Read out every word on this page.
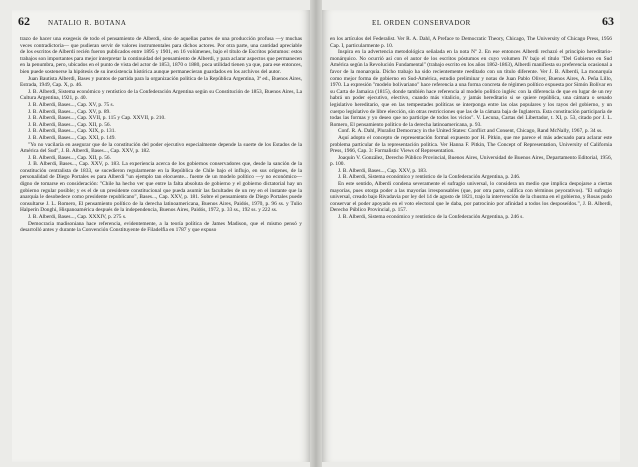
62	NATALIO R. BOTANA

trazo de hacer una exegesis de todo el pensamiento de Alberdi, sino de aquellas partes de una producción profusa —y muchas veces contradictoria— que pudieran servir de valores instrumentales para dichos actores. Por otra parte, una cantidad apreciable de los escritos de Alberdi recién fueron publicados entre 1895 y 1901, en 16 volúmenes, bajo el título de Escritos póstumos: estos trabajos son importantes para mejor interpretar la continuidad del pensamiento de Alberdi, y para aclarar aspectos que permanecen en la penumbra, pero, ubicados en el punto de vista del actor de 1853, 1870 o 1880, poca utilidad tienen ya que, para ese entonces, bien puede sostenerse la hipótesis de su inexistencia histórica aunque permanecieran guardados en los archivos del autor.

Juan Bautista Alberdi, Bases y puntos de partida para la organización política de la República Argentina, 3ª ed., Buenos Aires, Estrada, 1949, Cap. X, p. 46.

J. B. Alberdi, Sistema económico y rentístico de la Confederación Argentina según su Constitución de 1853, Buenos Aires, La Cultura Argentina, 1921, p. 40.

J. B. Alberdi, Bases..., Cap. XV, p. 75 s.

J. B. Alberdi, Bases..., Cap. XV, p. 89.

J. B. Alberdi, Bases..., Cap. XVII, p. 115 y Cap. XXVII, p. 210.

J. B. Alberdi, Bases..., Cap. XII, p. 56.

J. B. Alberdi, Bases..., Cap. XIX, p. 131.

J. B. Alberdi, Bases..., Cap. XXI, p. 149.

"Yo no vacilaría en asegurar que de la constitución del poder ejecutivo especialmente depende la suerte de los Estados de la América del Sud", J. B. Alberdi, Bases..., Cap. XXV, p. 182.

J. B. Alberdi, Bases..., Cap. XII, p. 56.

J. B. Alberdi, Bases..., Cap. XXV, p. 183. La experiencia acerca de los gobiernos conservadores que, desde la sanción de la constitución centralista de 1833, se sucedieron regularmente en la República de Chile bajo el influjo, en sus orígenes, de la personalidad de Diego Portales es para Alberdi "un ejemplo tan elocuente... fuente de un modelo político —y no económico— digno de tomarse en consideración: "Chile ha hecho ver que entre la falta absoluta de gobierno y el gobierno dictatorial hay un gobierno regular posible; y es el de un presidente constitucional que pueda asumir las facultades de un rey en el instante que la anarquía le desobedece como presidente republicano", Bases..., Cap. XXV, p. 181. Sobre el pensamiento de Diego Portales puede consultarse J. L. Romero, El pensamiento político de la derecha latinoamericana, Buenos Aires, Paidós, 1970, p. 96 ss. y Tulio Halperín Donghi, Hispanoamérica después de la independencia, Buenos Aires, Paidós, 1972, p. 33 ss., 192 ss. y 222 ss.

J. B. Alberdi, Bases..., Cap. XXXIV, p. 275 s.

Democracia madisoniana hace referencia, evidentemente, a la teoría política de James Madison, que el mismo pensó y desarrolló antes y durante la Convención Constituyente de Filadelfia en 1787 y que expuso

EL ORDEN CONSERVADOR	63

en los artículos del Federalist. Ver R. A. Dahl, A Preface to Democratic Theory, Chicago, The University of Chicago Press, 1956 Cap. I, particularmente p. 10.

Inspira en la advertencia metodológica señalada en la nota Nº 2. En ese entonces Alberdi rechazó el principio hereditario-monárquico. No ocurrió así con el autor de los escritos póstumos en cuyo volumen IV bajo el título "Del Gobierno en Sud América según la Revolución Fundamental" (trabajo escrito en los años 1862-1863), Alberdi manifiesta su preferencia ocasional a favor de la monarquía. Dicho trabajo ha sido recientemente reeditado con un título diferente. Ver J. B. Alberdi, La monarquía como mejor forma de gobierno en Sud-América, estudio preliminar y notas de Juan Pablo Oliver, Buenos Aires, A. Peña Lillo, 1970. La expresión "modelo bolivariano" hace referencia a una forma concreta de régimen político expuesta por Simón Bolívar en su Carta de Jamaica (1815), donde también hace referencia al modelo político inglés: con la diferencia de que en lugar de un rey habrá un poder ejecutivo, electivo, cuando más vitalicio, y jamás hereditario si se quiere república, una cámara o senado legislativo hereditario, que en las tempestades políticas se interponga entre las olas populares y los rayos del gobierno, y un cuerpo legislativo de libre elección, sin otras restricciones que las de la cámara baja de Inglaterra. Esta constitución participaría de todas las formas y yo deseo que no participe de todos los vicios". V. Lecuna, Cartas del Libertador, t. XI, p. 53, citado por J. L. Romero, El pensamiento político de la derecha latinoamericana, p. 93.

Conf. R. A. Dahl, Pluralist Democracy in the United States: Conflict and Consent, Chicago, Rand McNally, 1967, p. 34 ss.

Aquí adopto el concepto de representación formal expuesto por H. Pitkin, que me parece el más adecuado para aclarar este problema particular de la representación política. Ver Hanna F. Pitkin, The Concept of Representation, University of California Press, 1966, Cap. 3: Formalistic Views of Representation.

Joaquín V. González, Derecho Público Provincial, Buenos Aires, Universidad de Buenos Aires, Departamento Editorial, 1956, p. 100.

J. B. Alberdi, Bases..., Cap. XXV, p. 183.

J. B. Alberdi, Sistema económico y rentístico de la Confederación Argentina, p. 246.

En este sentido, Alberdi condena severamente el sufragio universal, lo considera un medio que implica despojarse a ciertas mayorías, pues otorga poder a las mayorías irresponsables (que, por otra parte, califica con términos peyorativos). "El sufragio universal, creado bajo Rivadavia por ley del 14 de agosto de 1821, trajo la intervención de la chusma en el gobierno, y Rosas pudo conservar el poder apoyado en el voto electoral que le daba, por patrocinio por afinidad a todos los desposeídos.", J. B. Alberdi, Derecho Público Provincial, p. 157.

J. B. Alberdi, Sistema económico y rentístico de la Confederación Argentina, p. 246 s.
